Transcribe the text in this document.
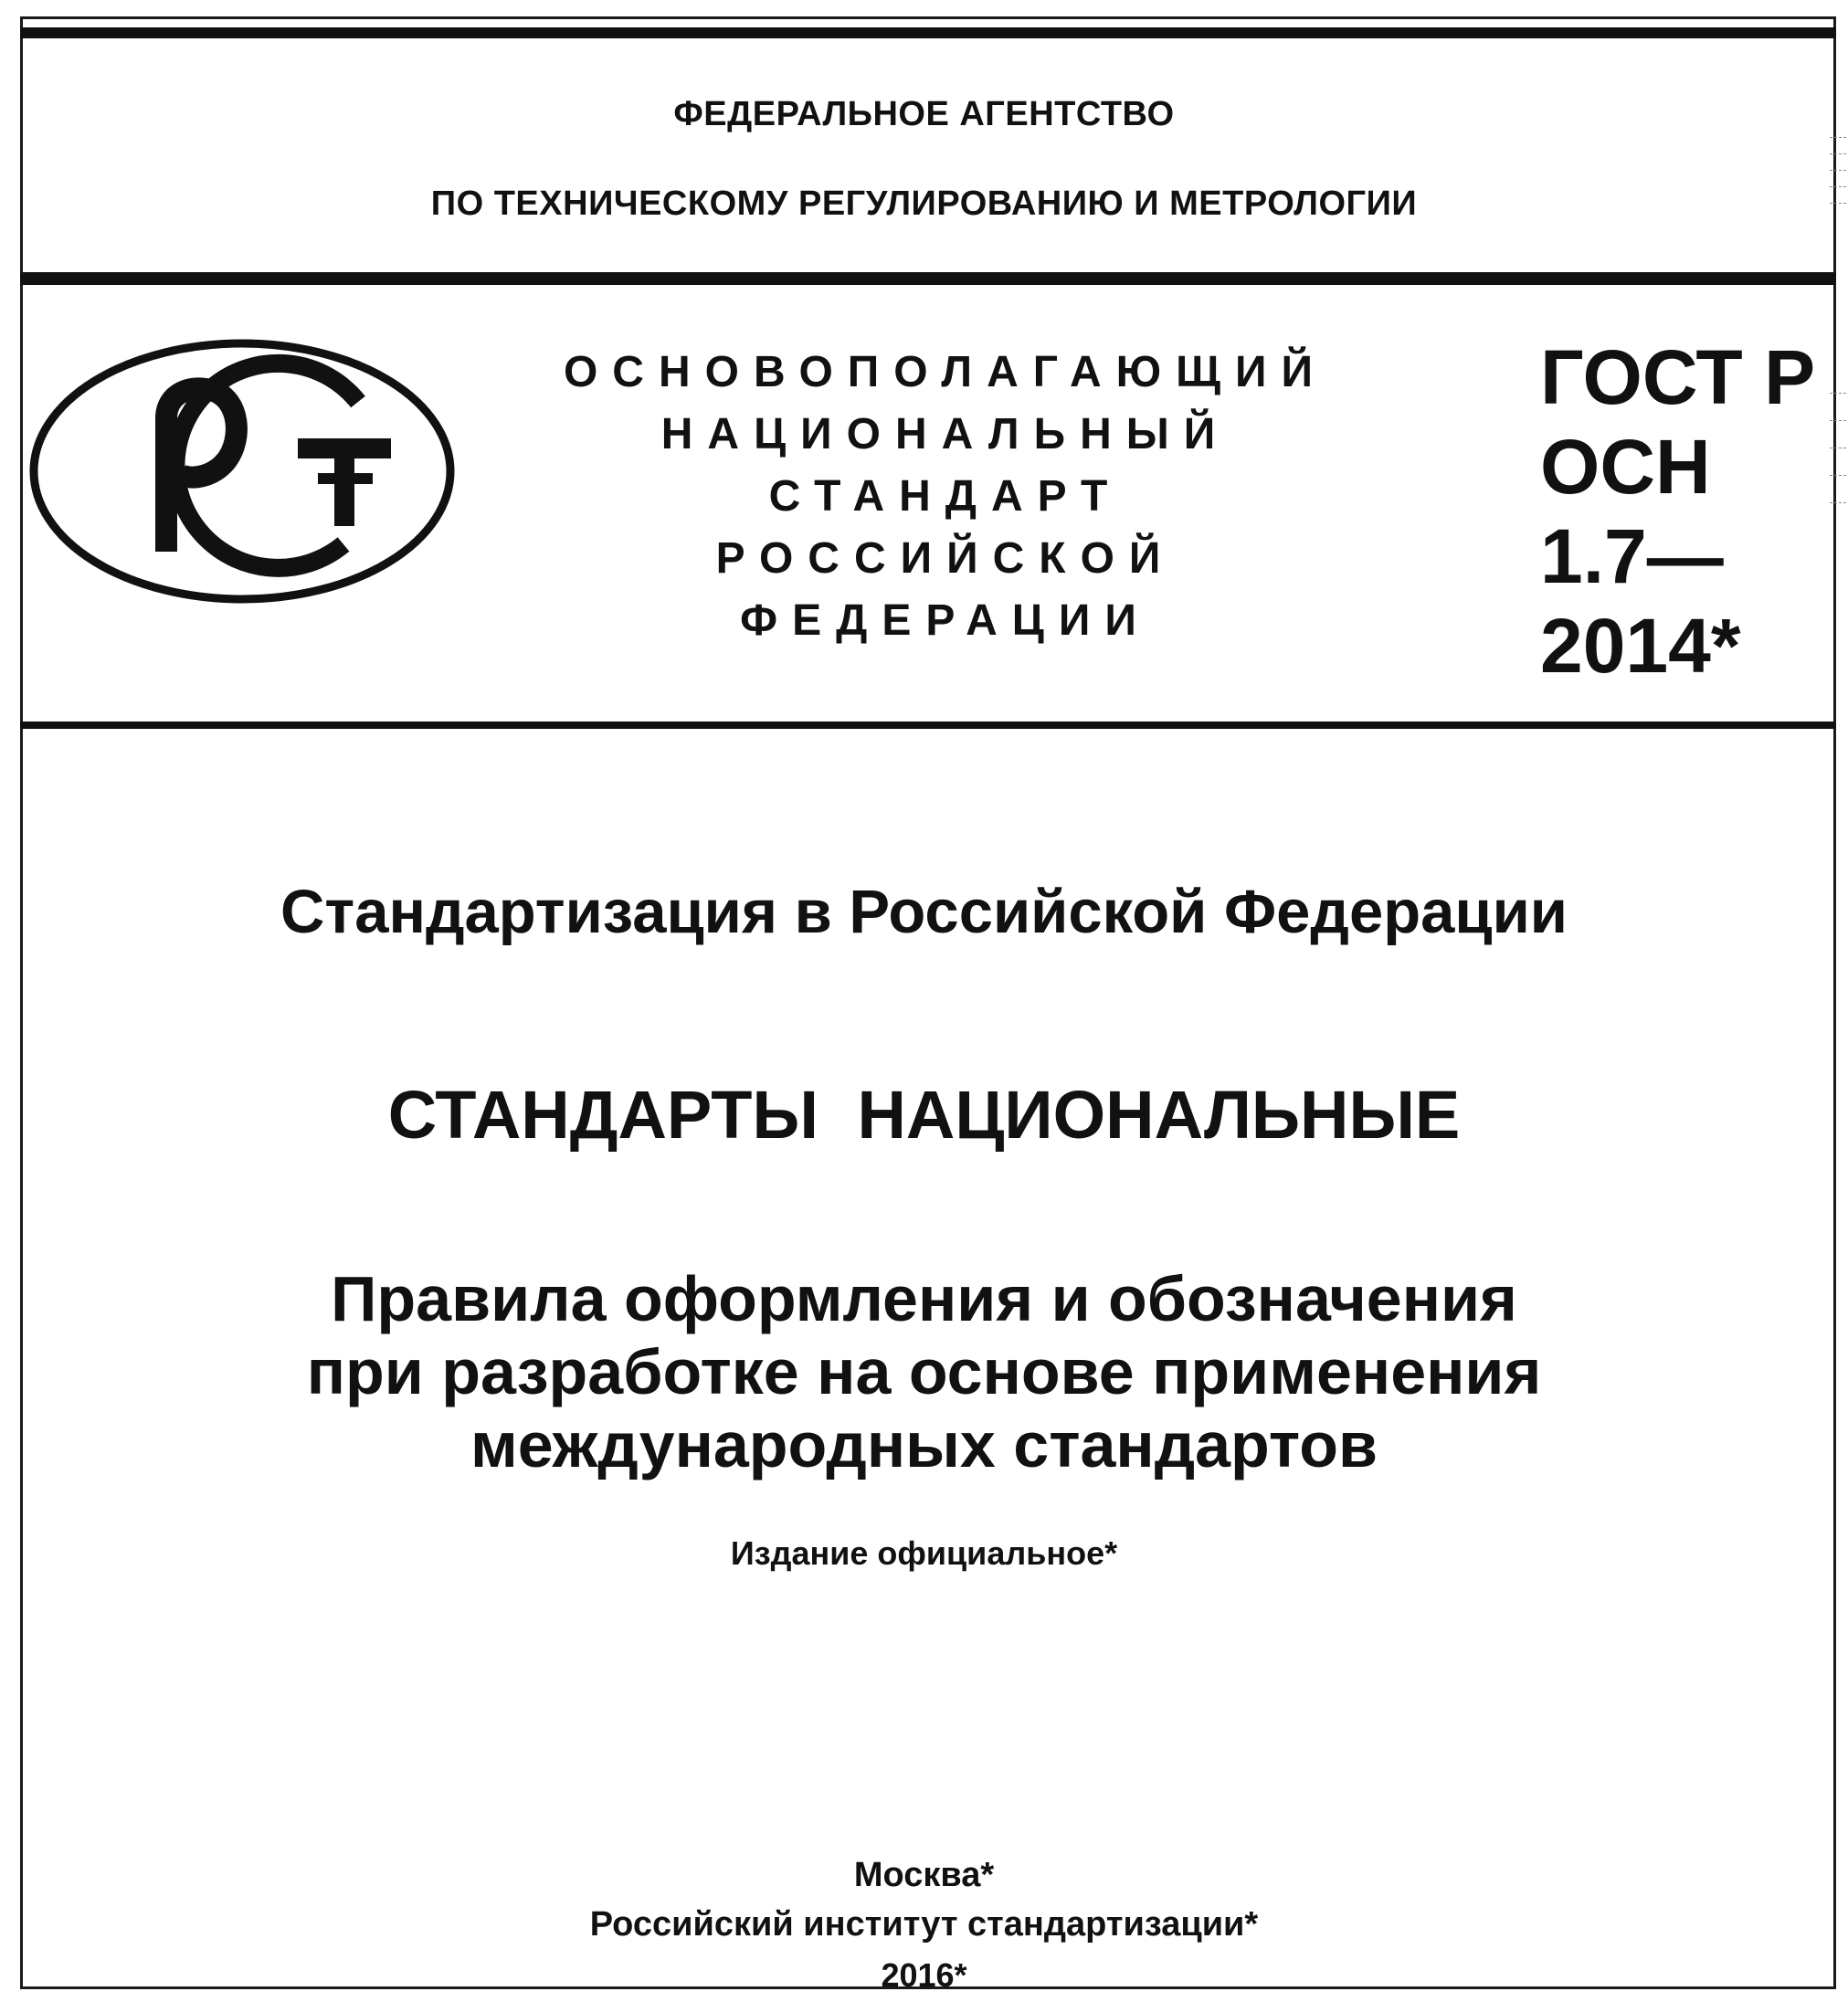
ФЕДЕРАЛЬНОЕ АГЕНТСТВО
ПО ТЕХНИЧЕСКОМУ РЕГУЛИРОВАНИЮ И МЕТРОЛОГИИ
ОСНОВОПОЛАГАЮЩИЙ
НАЦИОНАЛЬНЫЙ
СТАНДАРТ
РОССИЙСКОЙ
ФЕДЕРАЦИИ
ГОСТ Р
ОСН
1.7—
2014*
Стандартизация в Российской Федерации
СТАНДАРТЫ НАЦИОНАЛЬНЫЕ
Правила оформления и обозначения
при разработке на основе применения
международных стандартов
Издание официальное*
Москва*
Российский институт стандартизации*
2016*
